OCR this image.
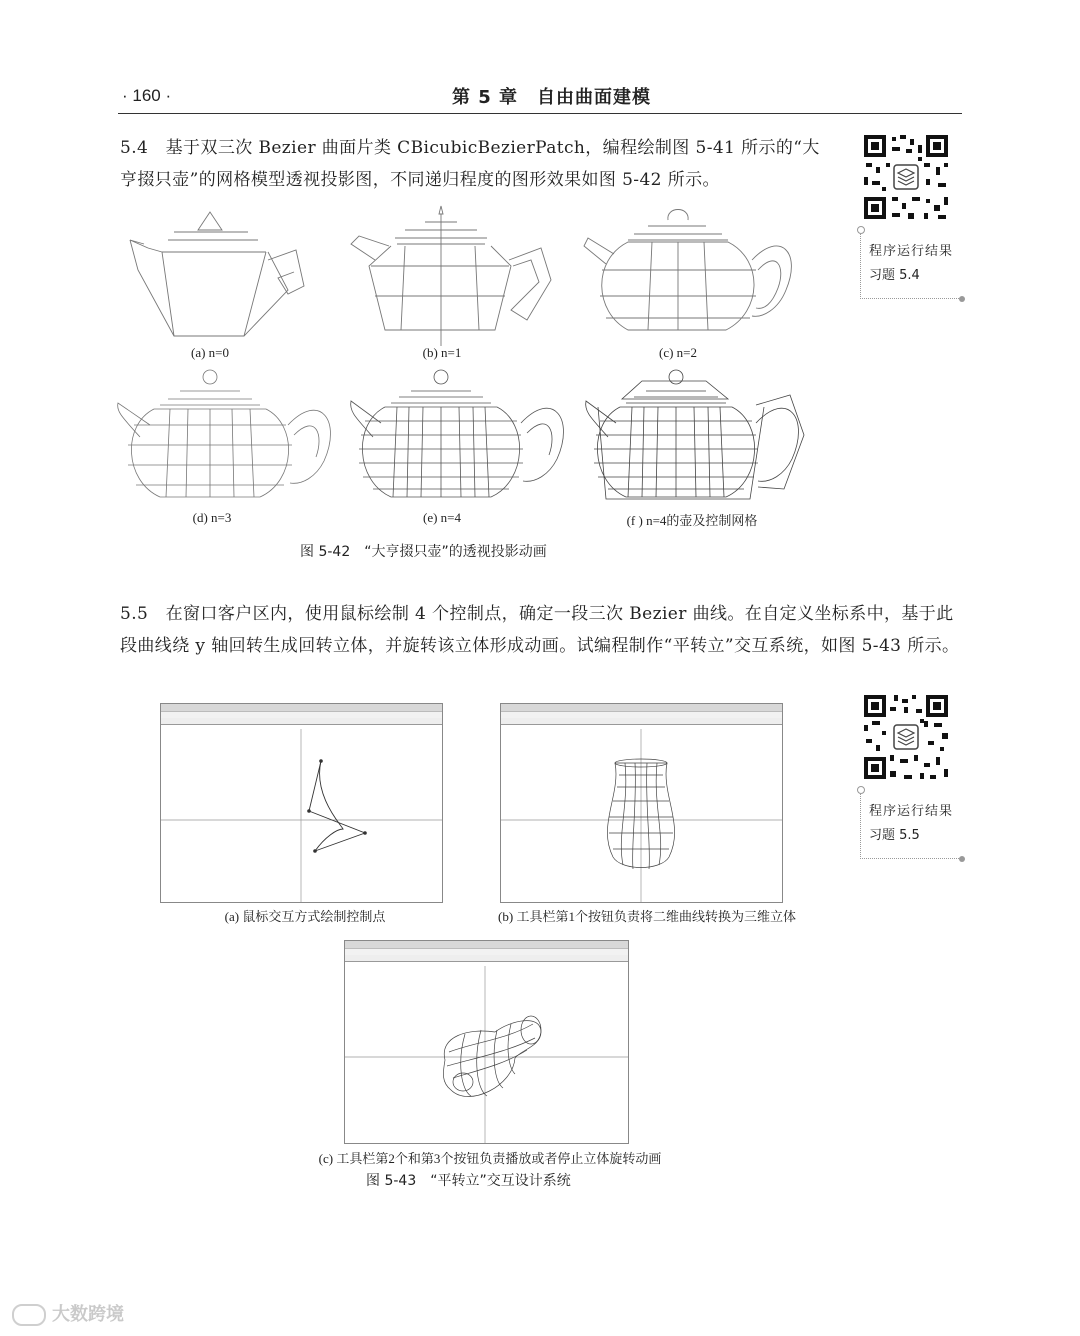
· 160 ·	第 5 章　自由曲面建模
5.4　基于双三次 Bezier 曲面片类 CBicubicBezierPatch，编程绘制图 5-41 所示的“大亨掇只壶”的网格模型透视投影图，不同递归程度的图形效果如图 5-42 所示。
程序运行结果
习题 5.4
(a) n=0	(b) n=1	(c) n=2
(d) n=3	(e) n=4	(f ) n=4的壶及控制网格
图 5-42　“大亨掇只壶”的透视投影动画
5.5　在窗口客户区内，使用鼠标绘制 4 个控制点，确定一段三次 Bezier 曲线。在自定义坐标系中，基于此段曲线绕 y 轴回转生成回转立体，并旋转该立体形成动画。试编程制作“平转立”交互系统，如图 5-43 所示。
程序运行结果
习题 5.5
(a) 鼠标交互方式绘制控制点	(b) 工具栏第1个按钮负责将二维曲线转换为三维立体
(c) 工具栏第2个和第3个按钮负责播放或者停止立体旋转动画
图 5-43　“平转立”交互设计系统
大数跨境
